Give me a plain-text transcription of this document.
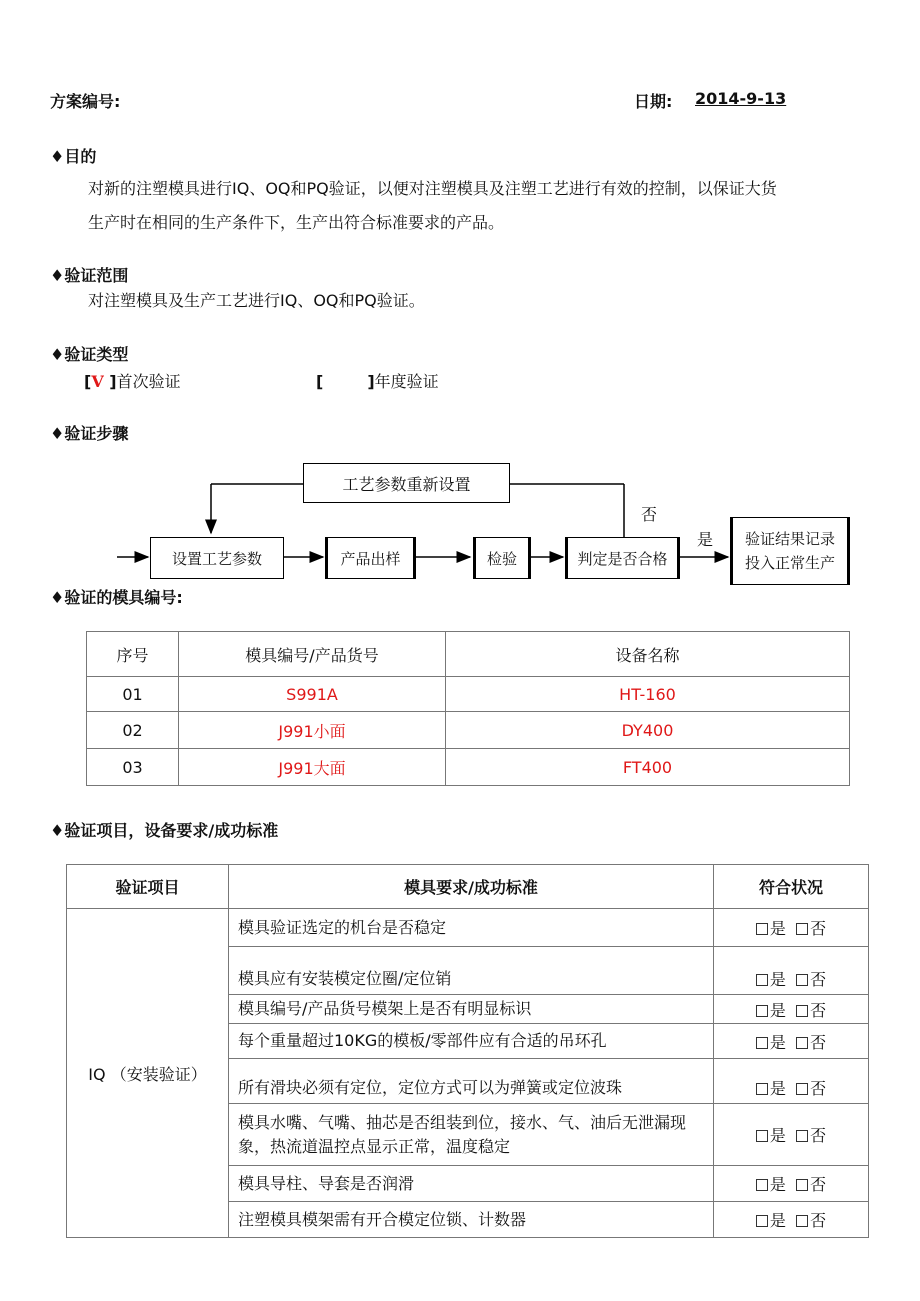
方案编号:	日期: 2014-9-13
♦目的
对新的注塑模具进行IQ、OQ和PQ验证，以便对注塑模具及注塑工艺进行有效的控制，以保证大货
生产时在相同的生产条件下，生产出符合标准要求的产品。
♦验证范围
对注塑模具及生产工艺进行IQ、OQ和PQ验证。
♦验证类型
[V ]首次验证	[	]年度验证
♦验证步骤
工艺参数重新设置
设置工艺参数	产品出样	检验	判定是否合格
否
是 验证结果记录
投入正常生产
♦验证的模具编号:
序号	模具编号/产品货号	设备名称
01	S991A	HT-160
02	J991小面	DY400
03	J991大面	FT400
♦验证项目，设备要求/成功标准
验证项目	模具要求/成功标准	符合状况
IQ （安装验证）	模具验证选定的机台是否稳定	是 否
	模具应有安装模定位圈/定位销	是 否
	模具编号/产品货号模架上是否有明显标识	是 否
	每个重量超过10KG的模板/零部件应有合适的吊环孔	是 否
	所有滑块必须有定位，定位方式可以为弹簧或定位波珠	是 否
	模具水嘴、气嘴、抽芯是否组装到位，接水、气、油后无泄漏现象，热流道温控点显示正常，温度稳定	是 否
	模具导柱、导套是否润滑	是 否
	注塑模具模架需有开合模定位锁、计数器	是 否
